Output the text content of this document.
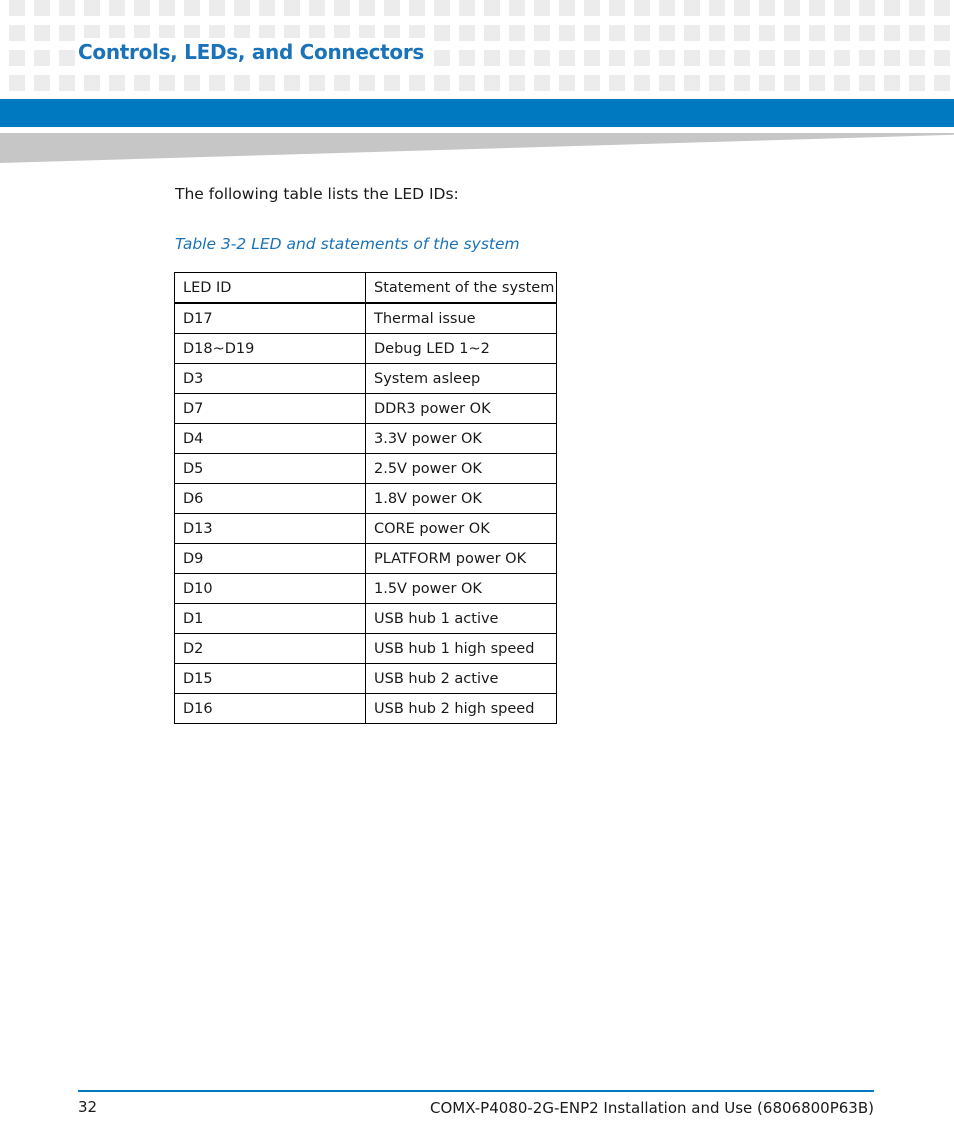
Controls, LEDs, and Connectors

The following table lists the LED IDs:

Table 3-2 LED and statements of the system

LED ID	Statement of the system
D17	Thermal issue
D18~D19	Debug LED 1~2
D3	System asleep
D7	DDR3 power OK
D4	3.3V power OK
D5	2.5V power OK
D6	1.8V power OK
D13	CORE power OK
D9	PLATFORM power OK
D10	1.5V power OK
D1	USB hub 1 active
D2	USB hub 1 high speed
D15	USB hub 2 active
D16	USB hub 2 high speed

32	COMX-P4080-2G-ENP2 Installation and Use (6806800P63B)
